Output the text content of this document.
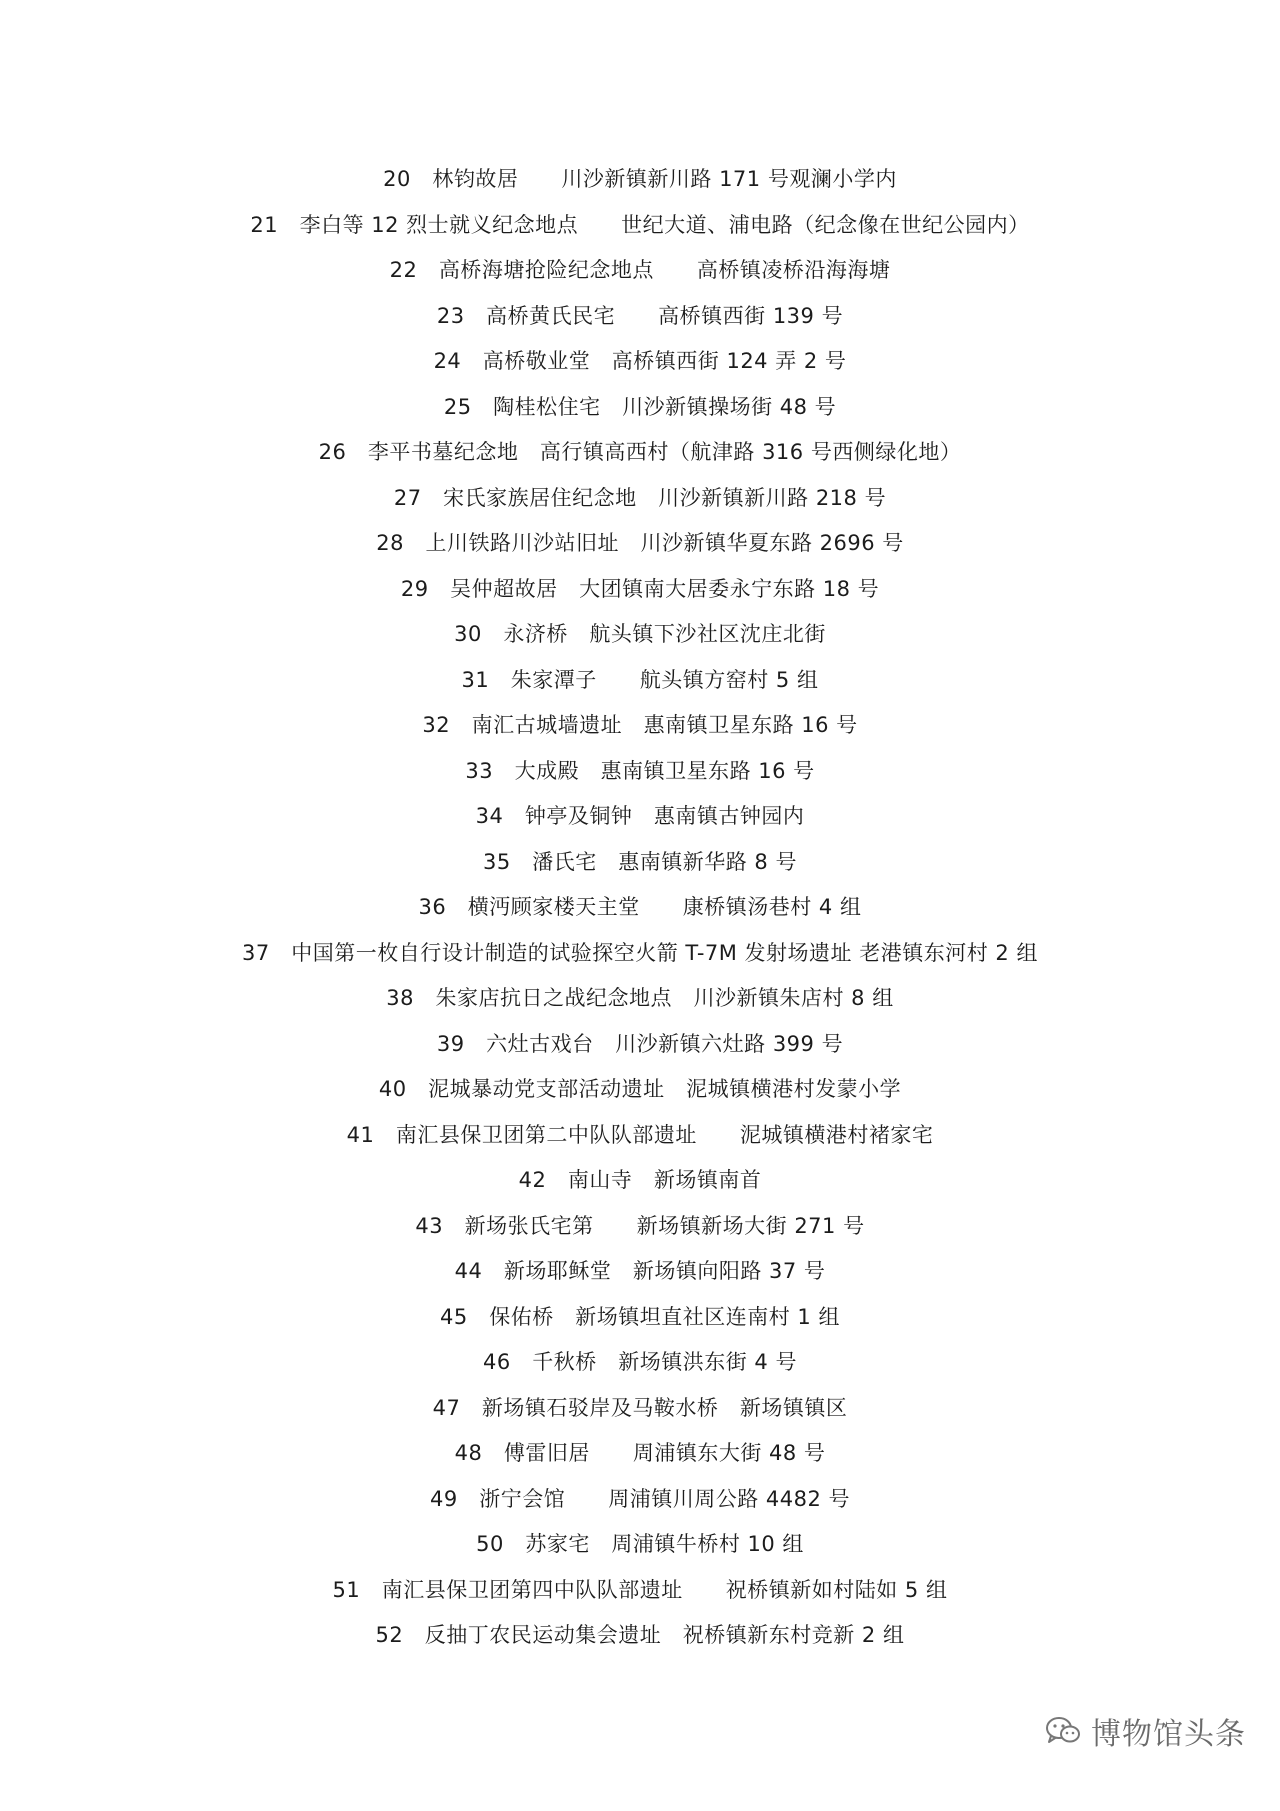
20　林钧故居　　川沙新镇新川路 171 号观澜小学内
21　李白等 12 烈士就义纪念地点　　世纪大道、浦电路（纪念像在世纪公园内）
22　高桥海塘抢险纪念地点　　高桥镇凌桥沿海海塘
23　高桥黄氏民宅　　高桥镇西街 139 号
24　高桥敬业堂　高桥镇西街 124 弄 2 号
25　陶桂松住宅　川沙新镇操场街 48 号
26　李平书墓纪念地　高行镇高西村（航津路 316 号西侧绿化地）
27　宋氏家族居住纪念地　川沙新镇新川路 218 号
28　上川铁路川沙站旧址　川沙新镇华夏东路 2696 号
29　吴仲超故居　大团镇南大居委永宁东路 18 号
30　永济桥　航头镇下沙社区沈庄北街
31　朱家潭子　　航头镇方窑村 5 组
32　南汇古城墙遗址　惠南镇卫星东路 16 号
33　大成殿　惠南镇卫星东路 16 号
34　钟亭及铜钟　惠南镇古钟园内
35　潘氏宅　惠南镇新华路 8 号
36　横沔顾家楼天主堂　　康桥镇汤巷村 4 组
37　中国第一枚自行设计制造的试验探空火箭 T-7M 发射场遗址 老港镇东河村 2 组
38　朱家店抗日之战纪念地点　川沙新镇朱店村 8 组
39　六灶古戏台　川沙新镇六灶路 399 号
40　泥城暴动党支部活动遗址　泥城镇横港村发蒙小学
41　南汇县保卫团第二中队队部遗址　　泥城镇横港村褚家宅
42　南山寺　新场镇南首
43　新场张氏宅第　　新场镇新场大街 271 号
44　新场耶稣堂　新场镇向阳路 37 号
45　保佑桥　新场镇坦直社区连南村 1 组
46　千秋桥　新场镇洪东街 4 号
47　新场镇石驳岸及马鞍水桥　新场镇镇区
48　傅雷旧居　　周浦镇东大街 48 号
49　浙宁会馆　　周浦镇川周公路 4482 号
50　苏家宅　周浦镇牛桥村 10 组
51　南汇县保卫团第四中队队部遗址　　祝桥镇新如村陆如 5 组
52　反抽丁农民运动集会遗址　祝桥镇新东村竞新 2 组
博物馆头条
